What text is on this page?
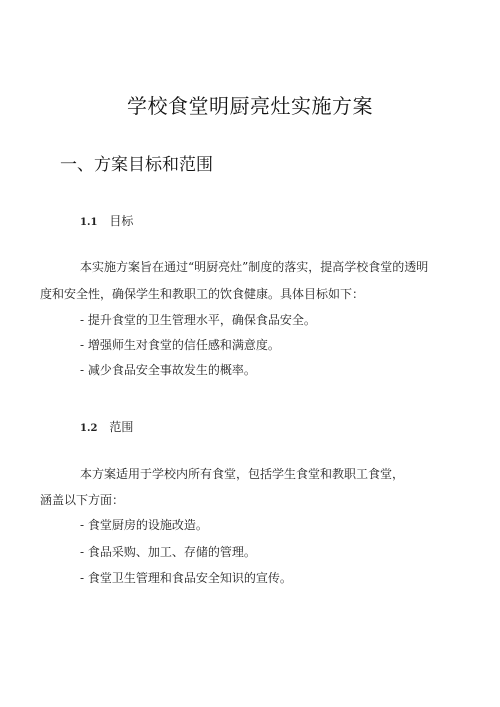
学校食堂明厨亮灶实施方案
一、方案目标和范围
1.1 目标
本实施方案旨在通过“明厨亮灶”制度的落实，提高学校食堂的透明
度和安全性，确保学生和教职工的饮食健康。具体目标如下：
- 提升食堂的卫生管理水平，确保食品安全。
- 增强师生对食堂的信任感和满意度。
- 减少食品安全事故发生的概率。
1.2 范围
本方案适用于学校内所有食堂，包括学生食堂和教职工食堂，
涵盖以下方面：
- 食堂厨房的设施改造。
- 食品采购、加工、存储的管理。
- 食堂卫生管理和食品安全知识的宣传。
